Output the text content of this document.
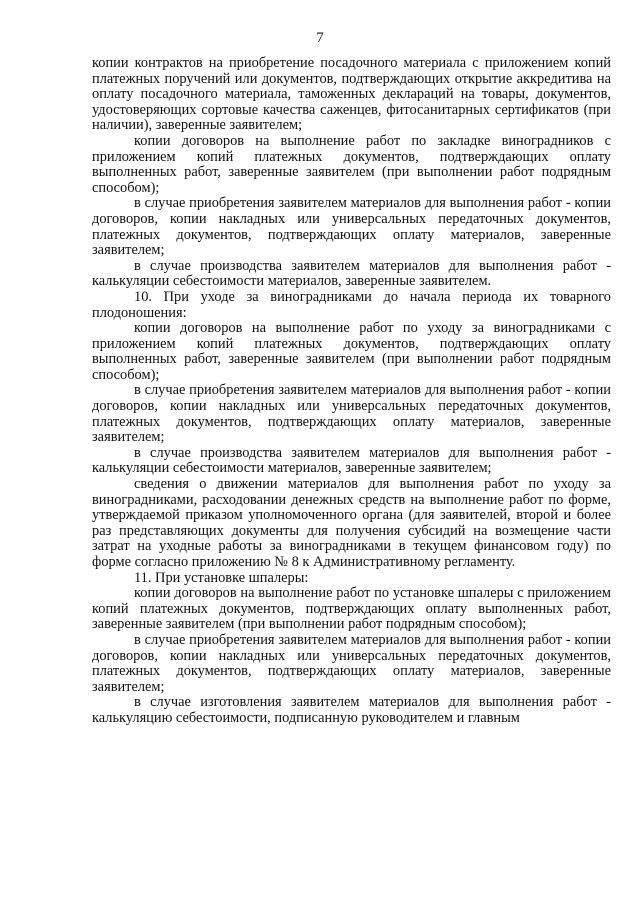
7

копии контрактов на приобретение посадочного материала с приложением копий платежных поручений или документов, подтверждающих открытие аккредитива на оплату посадочного материала, таможенных деклараций на товары, документов, удостоверяющих сортовые качества саженцев, фитосанитарных сертификатов (при наличии), заверенные заявителем;

копии договоров на выполнение работ по закладке виноградников с приложением копий платежных документов, подтверждающих оплату выполненных работ, заверенные заявителем (при выполнении работ подрядным способом);

в случае приобретения заявителем материалов для выполнения работ - копии договоров, копии накладных или универсальных передаточных документов, платежных документов, подтверждающих оплату материалов, заверенные заявителем;

в случае производства заявителем материалов для выполнения работ - калькуляции себестоимости материалов, заверенные заявителем.

10. При уходе за виноградниками до начала периода их товарного плодоношения:

копии договоров на выполнение работ по уходу за виноградниками с приложением копий платежных документов, подтверждающих оплату выполненных работ, заверенные заявителем (при выполнении работ подрядным способом);

в случае приобретения заявителем материалов для выполнения работ - копии договоров, копии накладных или универсальных передаточных документов, платежных документов, подтверждающих оплату материалов, заверенные заявителем;

в случае производства заявителем материалов для выполнения работ - калькуляции себестоимости материалов, заверенные заявителем;

сведения о движении материалов для выполнения работ по уходу за виноградниками, расходовании денежных средств на выполнение работ по форме, утверждаемой приказом уполномоченного органа (для заявителей, второй и более раз представляющих документы для получения субсидий на возмещение части затрат на уходные работы за виноградниками в текущем финансовом году) по форме согласно приложению № 8 к Административному регламенту.

11. При установке шпалеры:

копии договоров на выполнение работ по установке шпалеры с приложением копий платежных документов, подтверждающих оплату выполненных работ, заверенные заявителем (при выполнении работ подрядным способом);

в случае приобретения заявителем материалов для выполнения работ - копии договоров, копии накладных или универсальных передаточных документов, платежных документов, подтверждающих оплату материалов, заверенные заявителем;

в случае изготовления заявителем материалов для выполнения работ - калькуляцию себестоимости, подписанную руководителем и главным
